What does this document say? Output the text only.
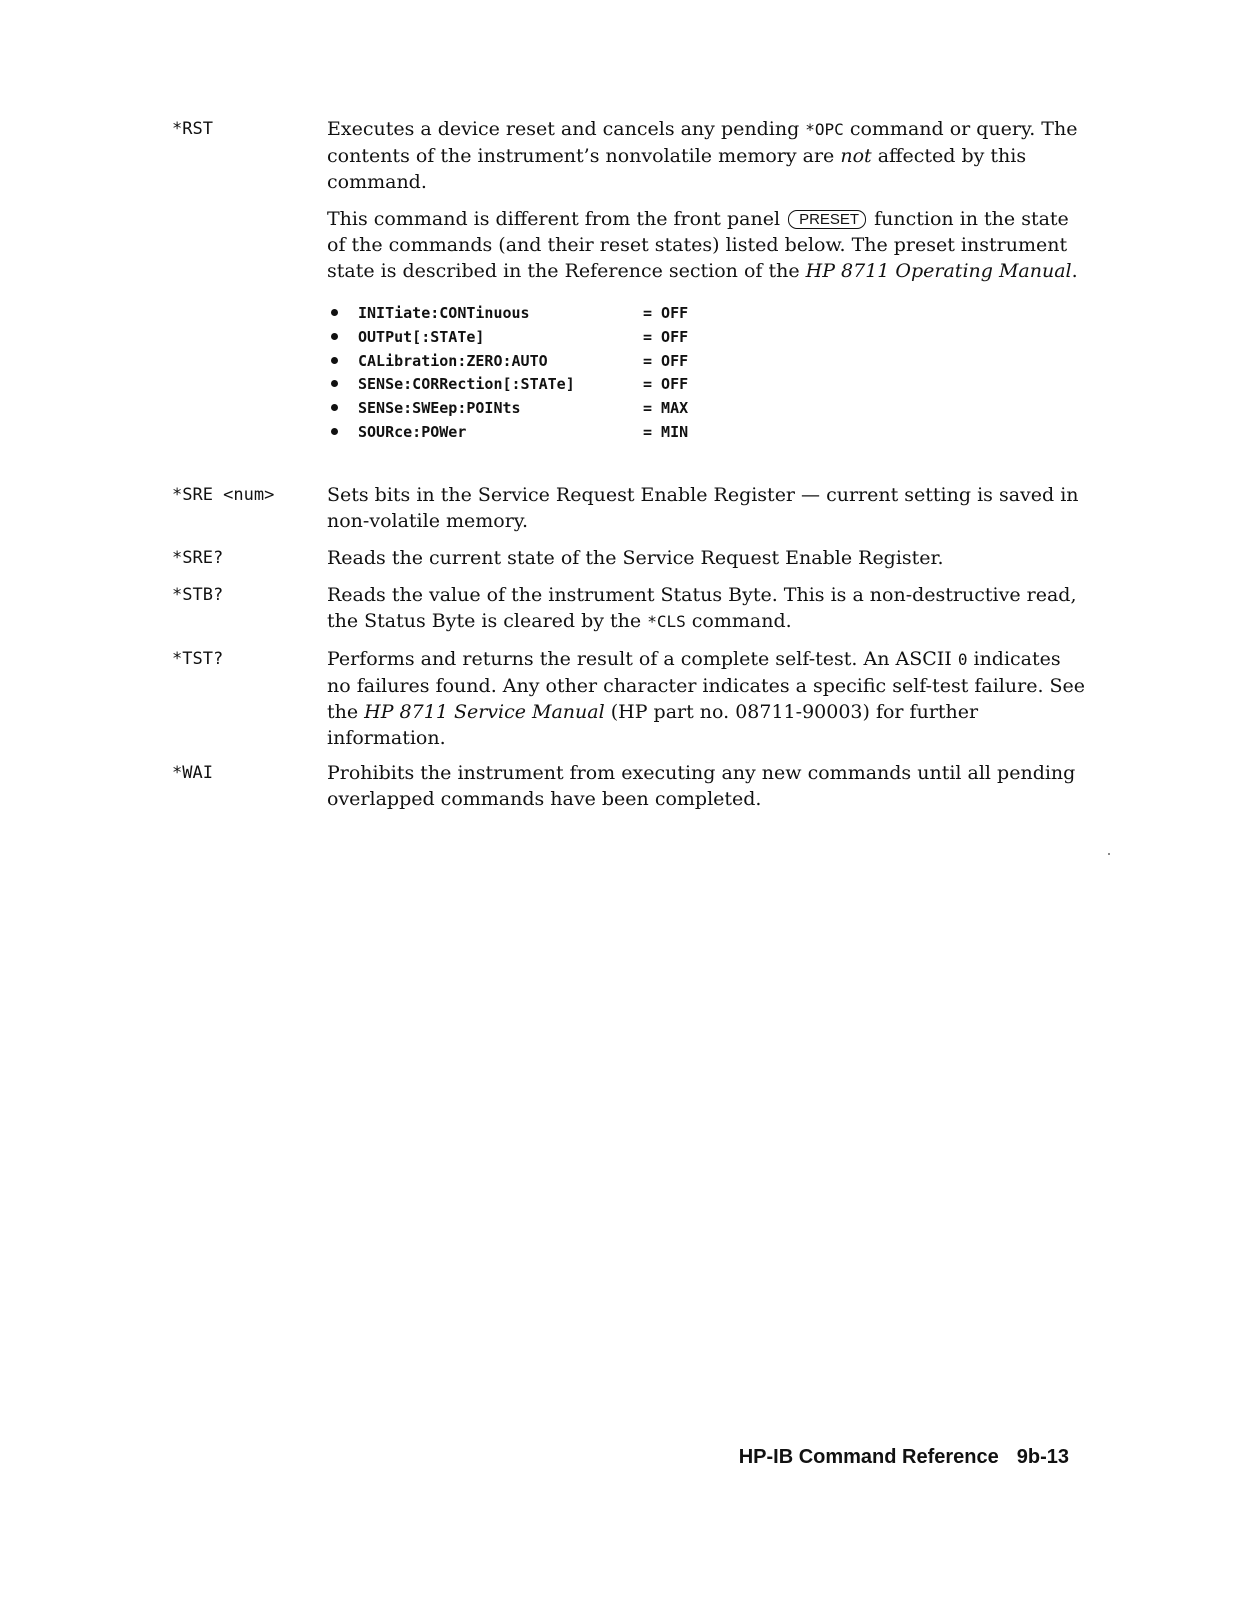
*RST	Executes a device reset and cancels any pending *OPC command or query. The contents of the instrument’s nonvolatile memory are not affected by this command.

This command is different from the front panel PRESET function in the state of the commands (and their reset states) listed below. The preset instrument state is described in the Reference section of the HP 8711 Operating Manual.

INITiate:CONTinuous	= OFF
OUTPut[:STATe]	= OFF
CALibration:ZERO:AUTO	= OFF
SENSe:CORRection[:STATe]	= OFF
SENSe:SWEep:POINts	= MAX
SOURce:POWer	= MIN
*SRE <num>	Sets bits in the Service Request Enable Register — current setting is saved in non-volatile memory.
*SRE?	Reads the current state of the Service Request Enable Register.
*STB?	Reads the value of the instrument Status Byte. This is a non-destructive read, the Status Byte is cleared by the *CLS command.
*TST?	Performs and returns the result of a complete self-test. An ASCII 0 indicates no failures found. Any other character indicates a specific self-test failure. See the HP 8711 Service Manual (HP part no. 08711-90003) for further information.
*WAI	Prohibits the instrument from executing any new commands until all pending overlapped commands have been completed.
HP-IB Command Reference 9b-13
